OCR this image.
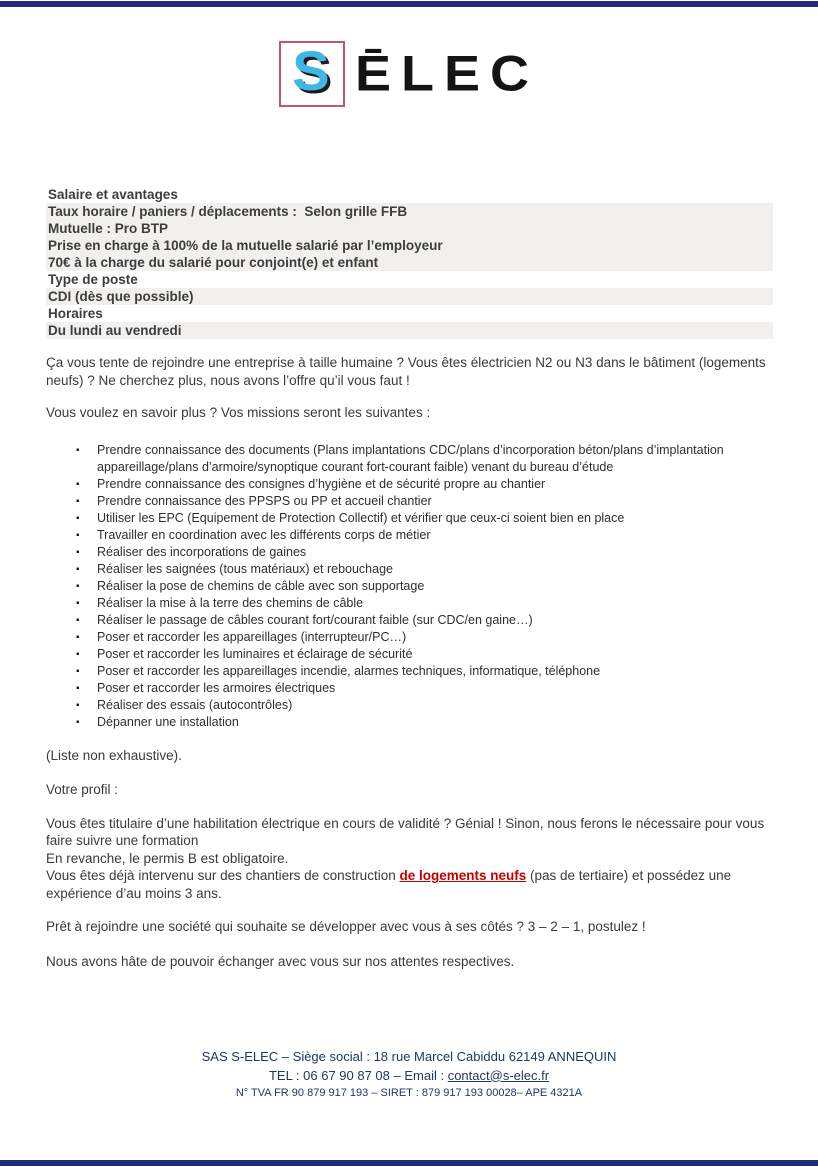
S ĒLEC
Salaire et avantages
Taux horaire / paniers / déplacements :  Selon grille FFB
Mutuelle : Pro BTP
Prise en charge à 100% de la mutuelle salarié par l’employeur
70€ à la charge du salarié pour conjoint(e) et enfant
Type de poste
CDI (dès que possible)
Horaires
Du lundi au vendredi

Ça vous tente de rejoindre une entreprise à taille humaine ? Vous êtes électricien N2 ou N3 dans le bâtiment (logements neufs) ? Ne cherchez plus, nous avons l’offre qu’il vous faut !

Vous voulez en savoir plus ? Vos missions seront les suivantes :

▪ Prendre connaissance des documents (Plans implantations CDC/plans d’incorporation béton/plans d’implantation appareillage/plans d’armoire/synoptique courant fort-courant faible) venant du bureau d’étude
▪ Prendre connaissance des consignes d’hygiène et de sécurité propre au chantier
▪ Prendre connaissance des PPSPS ou PP et accueil chantier
▪ Utiliser les EPC (Equipement de Protection Collectif) et vérifier que ceux-ci soient bien en place
▪ Travailler en coordination avec les différents corps de métier
▪ Réaliser des incorporations de gaines
▪ Réaliser les saignées (tous matériaux) et rebouchage
▪ Réaliser la pose de chemins de câble avec son supportage
▪ Réaliser la mise à la terre des chemins de câble
▪ Réaliser le passage de câbles courant fort/courant faible (sur CDC/en gaine…)
▪ Poser et raccorder les appareillages (interrupteur/PC…)
▪ Poser et raccorder les luminaires et éclairage de sécurité
▪ Poser et raccorder les appareillages incendie, alarmes techniques, informatique, téléphone
▪ Poser et raccorder les armoires électriques
▪ Réaliser des essais (autocontrôles)
▪ Dépanner une installation

(Liste non exhaustive).

Votre profil :

Vous êtes titulaire d’une habilitation électrique en cours de validité ? Génial ! Sinon, nous ferons le nécessaire pour vous faire suivre une formation
En revanche, le permis B est obligatoire.
Vous êtes déjà intervenu sur des chantiers de construction de logements neufs (pas de tertiaire) et possédez une expérience d’au moins 3 ans.

Prêt à rejoindre une société qui souhaite se développer avec vous à ses côtés ? 3 – 2 – 1, postulez !

Nous avons hâte de pouvoir échanger avec vous sur nos attentes respectives.

SAS S-ELEC – Siège social : 18 rue Marcel Cabiddu 62149 ANNEQUIN

TEL : 06 67 90 87 08 – Email : contact@s-elec.fr

N° TVA FR 90 879 917 193 – SIRET : 879 917 193 00028– APE 4321A
